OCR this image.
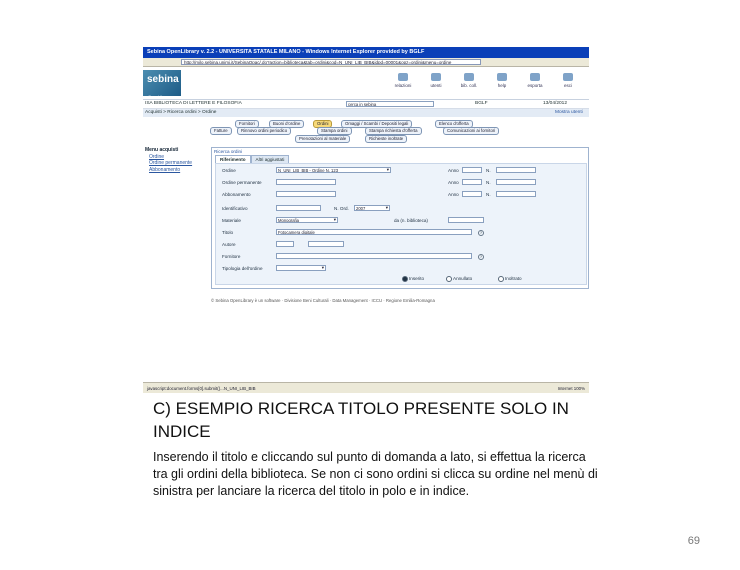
Sebina OpenLibrary v. 2.2 - UNIVERSITA STATALE MILANO - Windows Internet Explorer provided by BGLF
http://milo.sebina.unimi.it/SebinaOpac/.do?action=biblioteca&tab=ordini&cod=N_UNI_LIB_BIB&idpd=00001&opz=ordini&menu=ordine
sebina
OpenLibrary
relazioni	utenti	bib. coll.	help	esporta	esci
ISA BIBLIOTECA DI LETTERE E FILOSOFIA	cerca in sebina	BGLF	13/04/2012
Acquisti > Ricerca ordini > Ordine	Mostra utenti
Fornitori	Buoni d'ordine	Ordini	Omaggi / Scambi / Depositi legali	Elenco d'offerta
Fatture	Rinnovo ordini periodico	Stampa ordini	Stampa richiesta d'offerta	Comunicazioni ai fornitori
Prenotazioni al materiale	Richieste inoltrate
Menu acquisti
Ordine
Ordine permanente
Abbonamento
Ricerca ordini
Riferimento Altri aggiustati
Ordine	N_UNI_LIB_BIB - Ordine N. 123 ▾	Anno	N.
Ordine permanente	Anno	N.
Abbonamento	Anno	N.
Identificativo	N. Ord.	2007 ▾
Materiale	Monografia ▾	da (n. biblioteca)
Titolo	Fotocamera digitale	?
Autore
Fornitore	?
Tipologia dell'ordine
▾
Inserito	Annullato	Inoltrato
© Sebina OpenLibrary è un software · Divisione Beni Culturali · Data Management · ICCU · Regione Emilia-Romagna
javascript:document.forms[0].submit()...N_UNI_LIB_BIB	Internet 100%
C) ESEMPIO RICERCA TITOLO PRESENTE SOLO IN INDICE
Inserendo il titolo e cliccando sul punto di domanda a lato, si effettua la ricerca tra gli ordini della biblioteca. Se non ci sono ordini si clicca su ordine nel menù di sinistra per lanciare la ricerca del titolo in polo e in indice.
69
